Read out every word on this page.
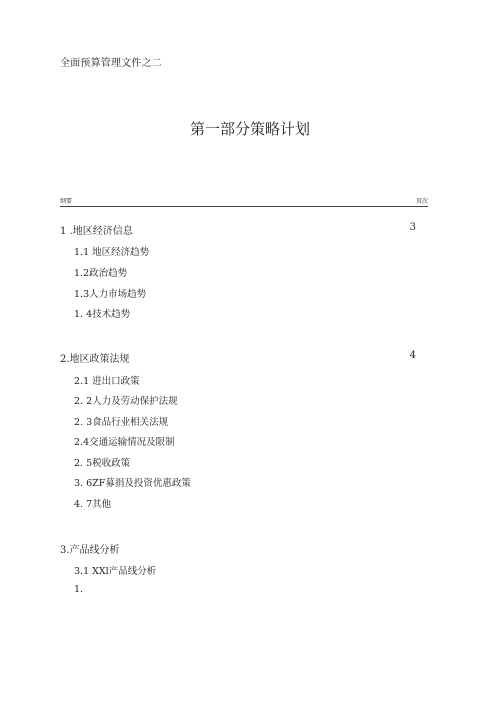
全面预算管理文件之二
第一部分策略计划
纲要	页次
1 .地区经济信息	3
1.1 地区经济趋势
1.2政治趋势
1.3人力市场趋势
1. 4技术趋势
2.地区政策法规	4
2.1 进出口政策
2. 2人力及劳动保护法规
2. 3食品行业相关法规
2.4交通运输情况及限制
2. 5税收政策
3. 6ZF募捐及投资优惠政策
4. 7其他
3.产品线分析
3.1 XXl产品线分析
1.
